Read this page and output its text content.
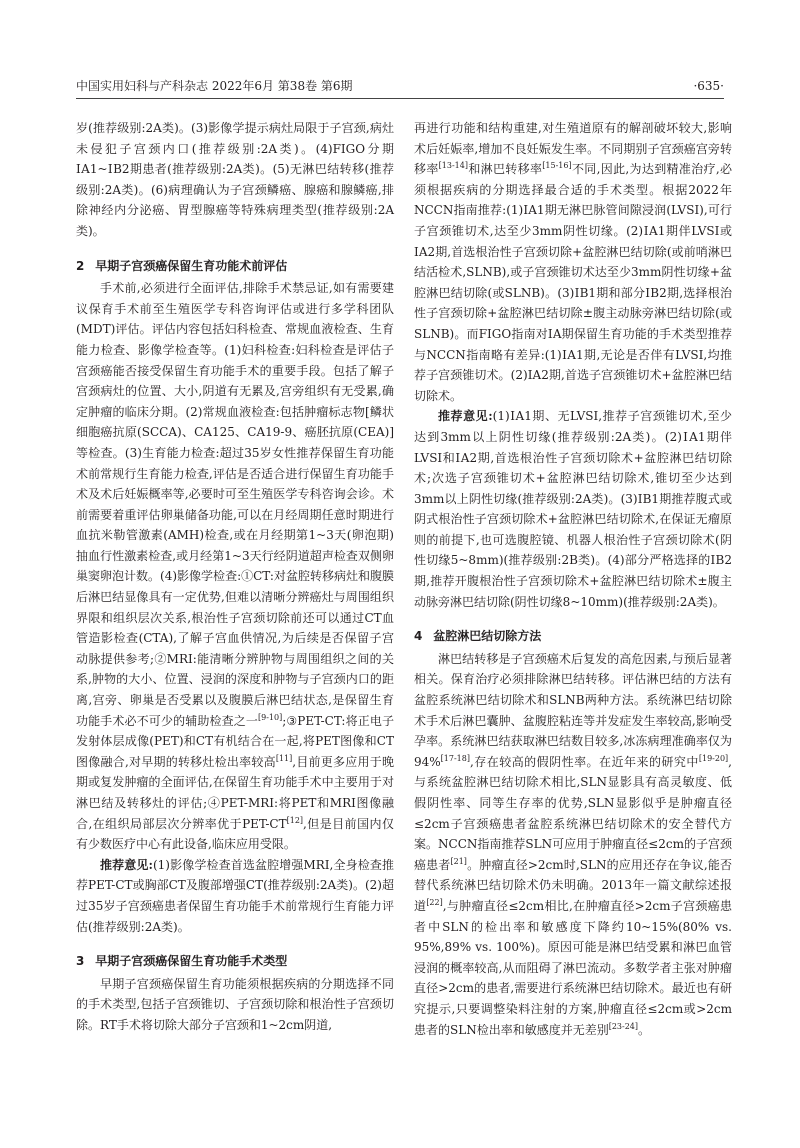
中国实用妇科与产科杂志 2022年6月 第38卷 第6期	·635·

岁(推荐级别:2A类)。(3)影像学提示病灶局限于子宫颈,病灶未侵犯子宫颈内口(推荐级别:2A类)。(4)FIGO分期ⅠA1~ⅠB2期患者(推荐级别:2A类)。(5)无淋巴结转移(推荐级别:2A类)。(6)病理确认为子宫颈鳞癌、腺癌和腺鳞癌,排除神经内分泌癌、胃型腺癌等特殊病理类型(推荐级别:2A类)。

2 早期子宫颈癌保留生育功能术前评估

手术前,必须进行全面评估,排除手术禁忌证,如有需要建议保育手术前至生殖医学专科咨询评估或进行多学科团队(MDT)评估。评估内容包括妇科检查、常规血液检查、生育能力检查、影像学检查等。(1)妇科检查:妇科检查是评估子宫颈癌能否接受保留生育功能手术的重要手段。包括了解子宫颈病灶的位置、大小,阴道有无累及,宫旁组织有无受累,确定肿瘤的临床分期。(2)常规血液检查:包括肿瘤标志物[鳞状细胞癌抗原(SCCA)、CA125、CA19-9、癌胚抗原(CEA)]等检查。(3)生育能力检查:超过35岁女性推荐保留生育功能术前常规行生育能力检查,评估是否适合进行保留生育功能手术及术后妊娠概率等,必要时可至生殖医学专科咨询会诊。术前需要着重评估卵巢储备功能,可以在月经周期任意时期进行血抗米勒管激素(AMH)检查,或在月经期第1~3天(卵泡期)抽血行性激素检查,或月经第1~3天行经阴道超声检查双侧卵巢窦卵泡计数。(4)影像学检查:①CT:对盆腔转移病灶和腹膜后淋巴结显像具有一定优势,但难以清晰分辨癌灶与周围组织界限和组织层次关系,根治性子宫颈切除前还可以通过CT血管造影检查(CTA),了解子宫血供情况,为后续是否保留子宫动脉提供参考;②MRI:能清晰分辨肿物与周围组织之间的关系,肿物的大小、位置、浸润的深度和肿物与子宫颈内口的距离,宫旁、卵巢是否受累以及腹膜后淋巴结状态,是保留生育功能手术必不可少的辅助检查之一[9-10];③PET-CT:将正电子发射体层成像(PET)和CT有机结合在一起,将PET图像和CT图像融合,对早期的转移灶检出率较高[11],目前更多应用于晚期或复发肿瘤的全面评估,在保留生育功能手术中主要用于对淋巴结及转移灶的评估;④PET-MRI:将PET和MRI图像融合,在组织局部层次分辨率优于PET-CT[12],但是目前国内仅有少数医疗中心有此设备,临床应用受限。

推荐意见:(1)影像学检查首选盆腔增强MRI,全身检查推荐PET-CT或胸部CT及腹部增强CT(推荐级别:2A类)。(2)超过35岁子宫颈癌患者保留生育功能手术前常规行生育能力评估(推荐级别:2A类)。

3 早期子宫颈癌保留生育功能手术类型

早期子宫颈癌保留生育功能须根据疾病的分期选择不同的手术类型,包括子宫颈锥切、子宫颈切除和根治性子宫颈切除。RT手术将切除大部分子宫颈和1~2cm阴道,

再进行功能和结构重建,对生殖道原有的解剖破坏较大,影响术后妊娠率,增加不良妊娠发生率。不同期别子宫颈癌宫旁转移率[13-14]和淋巴转移率[15-16]不同,因此,为达到精准治疗,必须根据疾病的分期选择最合适的手术类型。根据2022年NCCN指南推荐:(1)ⅠA1期无淋巴脉管间隙浸润(LVSI),可行子宫颈锥切术,达至少3mm阴性切缘。(2)ⅠA1期伴LVSI或ⅠA2期,首选根治性子宫颈切除+盆腔淋巴结切除(或前哨淋巴结活检术,SLNB),或子宫颈锥切术达至少3mm阴性切缘+盆腔淋巴结切除(或SLNB)。(3)ⅠB1期和部分ⅠB2期,选择根治性子宫颈切除+盆腔淋巴结切除±腹主动脉旁淋巴结切除(或SLNB)。而FIGO指南对ⅠA期保留生育功能的手术类型推荐与NCCN指南略有差异:(1)ⅠA1期,无论是否伴有LVSI,均推荐子宫颈锥切术。(2)ⅠA2期,首选子宫颈锥切术+盆腔淋巴结切除术。

推荐意见:(1)ⅠA1期、无LVSI,推荐子宫颈锥切术,至少达到3mm以上阴性切缘(推荐级别:2A类)。(2)ⅠA1期伴LVSI和ⅠA2期,首选根治性子宫颈切除术+盆腔淋巴结切除术;次选子宫颈锥切术+盆腔淋巴结切除术,锥切至少达到3mm以上阴性切缘(推荐级别:2A类)。(3)ⅠB1期推荐腹式或阴式根治性子宫颈切除术+盆腔淋巴结切除术,在保证无瘤原则的前提下,也可选腹腔镜、机器人根治性子宫颈切除术(阴性切缘5~8mm)(推荐级别:2B类)。(4)部分严格选择的ⅠB2期,推荐开腹根治性子宫颈切除术+盆腔淋巴结切除术±腹主动脉旁淋巴结切除(阴性切缘8~10mm)(推荐级别:2A类)。

4 盆腔淋巴结切除方法

淋巴结转移是子宫颈癌术后复发的高危因素,与预后显著相关。保育治疗必须排除淋巴结转移。评估淋巴结的方法有盆腔系统淋巴结切除术和SLNB两种方法。系统淋巴结切除术手术后淋巴囊肿、盆腹腔粘连等并发症发生率较高,影响受孕率。系统淋巴结获取淋巴结数目较多,冰冻病理准确率仅为94%[17-18],存在较高的假阴性率。在近年来的研究中[19-20],与系统盆腔淋巴结切除术相比,SLN显影具有高灵敏度、低假阴性率、同等生存率的优势,SLN显影似乎是肿瘤直径≤2cm子宫颈癌患者盆腔系统淋巴结切除术的安全替代方案。NCCN指南推荐SLN可应用于肿瘤直径≤2cm的子宫颈癌患者[21]。肿瘤直径>2cm时,SLN的应用还存在争议,能否替代系统淋巴结切除术仍未明确。2013年一篇文献综述报道[22],与肿瘤直径≤2cm相比,在肿瘤直径>2cm子宫颈癌患者中SLN的检出率和敏感度下降约10~15%(80% vs. 95%,89% vs. 100%)。原因可能是淋巴结受累和淋巴血管浸润的概率较高,从而阻碍了淋巴流动。多数学者主张对肿瘤直径>2cm的患者,需要进行系统淋巴结切除术。最近也有研究提示,只要调整染料注射的方案,肿瘤直径≤2cm或>2cm患者的SLN检出率和敏感度并无差别[23-24]。
